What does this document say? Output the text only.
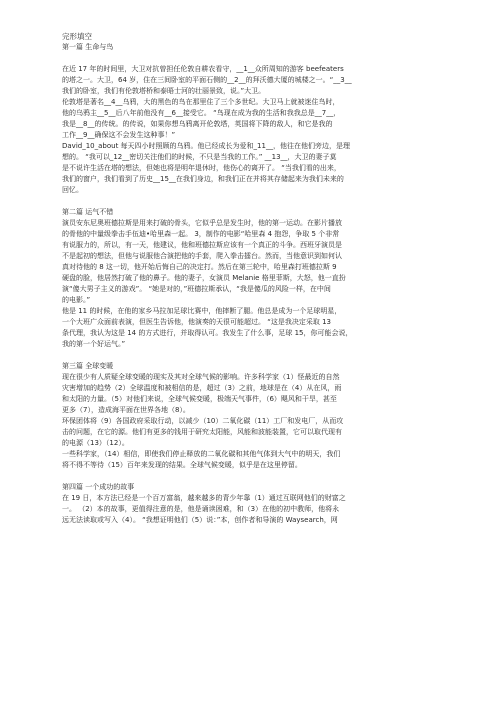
完形填空
第一篇 生命与鸟
在近 17 年的时间里，大卫对抗曾担任伦敦自耕农看守，__1__众所周知的游客 beefeaters
的塔之一。大卫，64 岁，住在三间卧室的平面石侧的__2__的拜沃德大厦的城楼之一。“__3__
我们的卧室，我们有伦敦塔桥和泰晤士河的壮丽景致，说。”大卫。
伦敦塔是著名__4__乌鸦，大的黑色的鸟在那里住了三个多世纪。大卫马上就被迷住鸟时，
他的乌鸦主__5__后八年前他没有__6__接受它。 “鸟现在成为我的生活和我我总是__7__，
我是__8__的传统。的传说，如果你想乌鸦离开伦敦塔，英国将下降的敌人，和它是我的
工作__9__确保这不会发生这种事！”
David_10_about 每天四小时照顾的乌鸦。他已经成长为爱和_11__，他往在他们旁边，是理
想的。 “我可以_12__密切关注他们的时候，不只是当我的工作。” __13__，大卫的妻子莫
是不说许生活在塔的想法，但她也将是明年退休时，他伤心的离开了。 “当我们看的出来，
我们的窗户，我们看到了历史__15__在我们身边，和我们正在并将其存储起来为我们未来的
回忆。
第二篇 运气不错
演员安东尼奥班德拉斯是用来打破的骨头，它似乎总是发生时，他的第一运动。在影片播放
的骨他的中量级拳击手伍迪•哈里森一起。 3，制作的电影“哈里森 4 抱怨，争取 5 个非常
有说服力的，所以，有一天，他建议，他和班德拉斯应该有一个真正的斗争。西班牙演员是
不是起初的想法，但他与说服他合演把他的手套，爬入拳击擂台。然而，当他意识到如何认
真对待他的 8 这一切，他开始后悔自己的决定打。然后在第三轮中，哈里森打班德拉斯 9
硬盘的脸，他居然打破了他的鼻子。他的妻子，女演员 Melanie 格里菲斯，大怒，他一直扮
演“傻大男子主义的游戏”。 “她是对的，”班德拉斯承认，“我是傻瓜的风险一样，在中间
的电影。”
他是 11 的时候，在他的家乡马拉加足球比赛中，他摔断了腿。他总是成为一个足球明星，
一个大班广众面前表演，但医生告诉他，他演奏的天很可能超过。 “这是我决定采取 13
条代理，我认为这是 14 的方式进行，并取得认可。我发生了什么事，足球 15，你可能会说，
我的第一个好运气。”
第三篇 全球变暖
现在很少有人质疑全球变暖的现实及其对全球气候的影响。许多科学家（1）怪最近的自然
灾害增加的趋势（2）全球温度和被相信的是，超过（3）之前，地球是在（4）从在风，雨
和太阳的力量。（5）对他们来说，全球气候变暖，极端天气事件，（6）飓风和干旱，甚至
更多（7），造成海平面在世界各地（8）。
环保团体将（9）各国政府采取行动，以减少（10）二氧化碳（11）工厂和发电厂，从而攻
击的问题，在它的源。他们有更多的钱用于研究太阳能，风能和波能装置，它可以取代现有
的电源（13）（12）。
一些科学家，（14）相信，即使我们停止释放的二氧化碳和其他气体到大气中的明天，我们
将不得不等待（15）百年来发现的结果。全球气候变暖，似乎是在这里停留。
第四篇 一个成功的故事
在 19 日，本方法已经是一个百万富翁，越来越多的青少年靠（1）通过互联网他们的财富之
一。 （2）本的故事，更值得注意的是，他是诵读困难，和（3）在他的初中教师，他将永
远无法读取或写入（4）。 “我想证明他们（5）说：”本，创作者和导演的 Waysearch，网
